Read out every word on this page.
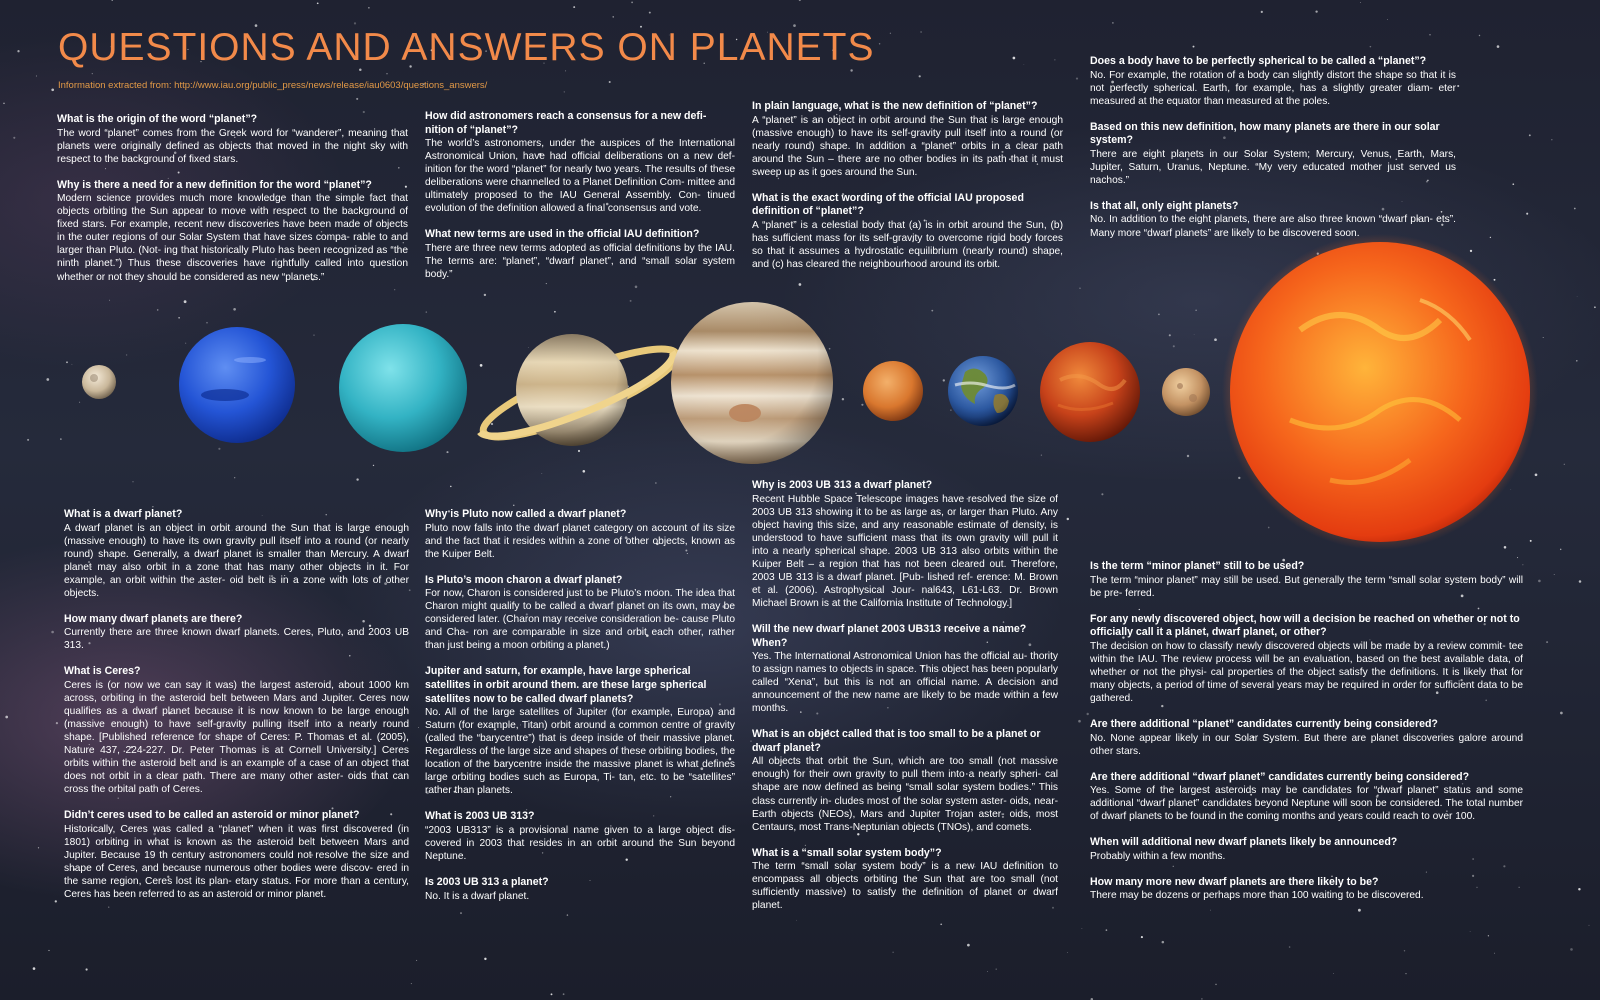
QUESTIONS AND ANSWERS ON PLANETS
Information extracted from: http://www.iau.org/public_press/news/release/iau0603/questions_answers/

What is the origin of the word “planet”?

The word “planet” comes from the Greek word for “wanderer”, meaning that planets were originally defined as objects that moved in the night sky with respect to the background of fixed stars.

Why is there a need for a new definition for the word “planet”?

Modern science provides much more knowledge than the simple fact that objects orbiting the Sun appear to move with respect to the background of fixed stars. For example, recent new discoveries have been made of objects in the outer regions of our Solar System that have sizes compa- rable to and larger than Pluto. (Not- ing that historically Pluto has been recognized as “the ninth planet.”) Thus these discoveries have rightfully called into question whether or not they should be considered as new “planets.”

How did astronomers reach a consensus for a new defi- nition of “planet”?

The world’s astronomers, under the auspices of the International Astronomical Union, have had official deliberations on a new def- inition for the word “planet” for nearly two years. The results of these deliberations were channelled to a Planet Definition Com- mittee and ultimately proposed to the IAU General Assembly. Con- tinued evolution of the definition allowed a final consensus and vote.

What new terms are used in the official IAU definition?

There are three new terms adopted as official definitions by the IAU. The terms are: “planet”, “dwarf planet”, and “small solar system body.”

In plain language, what is the new definition of “planet”?

A “planet” is an object in orbit around the Sun that is large enough (massive enough) to have its self-gravity pull itself into a round (or nearly round) shape. In addition a “planet” orbits in a clear path around the Sun – there are no other bodies in its path that it must sweep up as it goes around the Sun.

What is the exact wording of the official IAU proposed definition of “planet”?

A “planet” is a celestial body that (a) is in orbit around the Sun, (b) has sufficient mass for its self-gravity to overcome rigid body forces so that it assumes a hydrostatic equilibrium (nearly round) shape, and (c) has cleared the neighbourhood around its orbit.

Does a body have to be perfectly spherical to be called a “planet”?

No. For example, the rotation of a body can slightly distort the shape so that it is not perfectly spherical. Earth, for example, has a slightly greater diam- eter measured at the equator than measured at the poles.

Based on this new definition, how many planets are there in our solar system?

There are eight planets in our Solar System; Mercury, Venus, Earth, Mars, Jupiter, Saturn, Uranus, Neptune. “My very educated mother just served us nachos.”

Is that all, only eight planets?

No. In addition to the eight planets, there are also three known “dwarf plan- ets”. Many more “dwarf planets” are likely to be discovered soon.

What is a dwarf planet?

A dwarf planet is an object in orbit around the Sun that is large enough (massive enough) to have its own gravity pull itself into a round (or nearly round) shape. Generally, a dwarf planet is smaller than Mercury. A dwarf planet may also orbit in a zone that has many other objects in it. For example, an orbit within the aster- oid belt is in a zone with lots of other objects.

How many dwarf planets are there?

Currently there are three known dwarf planets. Ceres, Pluto, and 2003 UB 313.

What is Ceres?

Ceres is (or now we can say it was) the largest asteroid, about 1000 km across, orbiting in the asteroid belt between Mars and Jupiter. Ceres now qualifies as a dwarf planet because it is now known to be large enough (massive enough) to have self-gravity pulling itself into a nearly round shape. [Published reference for shape of Ceres: P. Thomas et al. (2005), Nature 437, 224-227. Dr. Peter Thomas is at Cornell University.] Ceres orbits within the asteroid belt and is an example of a case of an object that does not orbit in a clear path. There are many other aster- oids that can cross the orbital path of Ceres.

Didn’t ceres used to be called an asteroid or minor planet?

Historically, Ceres was called a “planet” when it was first discovered (in 1801) orbiting in what is known as the asteroid belt between Mars and Jupiter. Because 19 th century astronomers could not resolve the size and shape of Ceres, and because numerous other bodies were discov- ered in the same region, Ceres lost its plan- etary status. For more than a century, Ceres has been referred to as an asteroid or minor planet.

Why is Pluto now called a dwarf planet?

Pluto now falls into the dwarf planet category on account of its size and the fact that it resides within a zone of other objects, known as the Kuiper Belt.

Is Pluto’s moon charon a dwarf planet?

For now, Charon is considered just to be Pluto’s moon. The idea that Charon might qualify to be called a dwarf planet on its own, may be considered later. (Charon may receive consideration be- cause Pluto and Cha- ron are comparable in size and orbit each other, rather than just being a moon orbiting a planet.)

Jupiter and saturn, for example, have large spherical satellites in orbit around them. are these large spherical satellites now to be called dwarf planets?

No. All of the large satellites of Jupiter (for example, Europa) and Saturn (for example, Titan) orbit around a common centre of gravity (called the “barycentre”) that is deep inside of their massive planet. Regardless of the large size and shapes of these orbiting bodies, the location of the barycentre inside the massive planet is what defines large orbiting bodies such as Europa, Ti- tan, etc. to be “satellites” rather than planets.

What is 2003 UB 313?

“2003 UB313” is a provisional name given to a large object dis- covered in 2003 that resides in an orbit around the Sun beyond Neptune.

Is 2003 UB 313 a planet?

No. It is a dwarf planet.

Why is 2003 UB 313 a dwarf planet?

Recent Hubble Space Telescope images have resolved the size of 2003 UB 313 showing it to be as large as, or larger than Pluto. Any object having this size, and any reasonable estimate of density, is understood to have sufficient mass that its own gravity will pull it into a nearly spherical shape. 2003 UB 313 also orbits within the Kuiper Belt – a region that has not been cleared out. Therefore, 2003 UB 313 is a dwarf planet. [Pub- lished ref- erence: M. Brown et al. (2006). Astrophysical Jour- nal643, L61-L63. Dr. Brown Michael Brown is at the California Institute of Technology.]

Will the new dwarf planet 2003 UB313 receive a name? When?

Yes. The International Astronomical Union has the official au- thority to assign names to objects in space. This object has been popularly called “Xena”, but this is not an official name. A decision and announcement of the new name are likely to be made within a few months.

What is an object called that is too small to be a planet or dwarf planet?

All objects that orbit the Sun, which are too small (not massive enough) for their own gravity to pull them into a nearly spheri- cal shape are now defined as being “small solar system bodies.” This class currently in- cludes most of the solar system aster- oids, near-Earth objects (NEOs), Mars and Jupiter Trojan aster- oids, most Centaurs, most Trans-Neptunian objects (TNOs), and comets.

What is a “small solar system body”?

The term “small solar system body” is a new IAU definition to encompass all objects orbiting the Sun that are too small (not sufficiently massive) to satisfy the definition of planet or dwarf planet.

Is the term “minor planet” still to be used?

The term “minor planet” may still be used. But generally the term “small solar system body” will be pre- ferred.

For any newly discovered object, how will a decision be reached on whether or not to officially call it a planet, dwarf planet, or other?

The decision on how to classify newly discovered objects will be made by a review commit- tee within the IAU. The review process will be an evaluation, based on the best available data, of whether or not the physi- cal properties of the object satisfy the definitions. It is likely that for many objects, a period of time of several years may be required in order for sufficient data to be gathered.

Are there additional “planet” candidates currently being considered?

No. None appear likely in our Solar System. But there are planet discoveries galore around other stars.

Are there additional “dwarf planet” candidates currently being considered?

Yes. Some of the largest asteroids may be candidates for “dwarf planet” status and some additional “dwarf planet” candidates beyond Neptune will soon be considered. The total number of dwarf planets to be found in the coming months and years could reach to over 100.

When will additional new dwarf planets likely be announced?

Probably within a few months.

How many more new dwarf planets are there likely to be?

There may be dozens or perhaps more than 100 waiting to be discovered.
